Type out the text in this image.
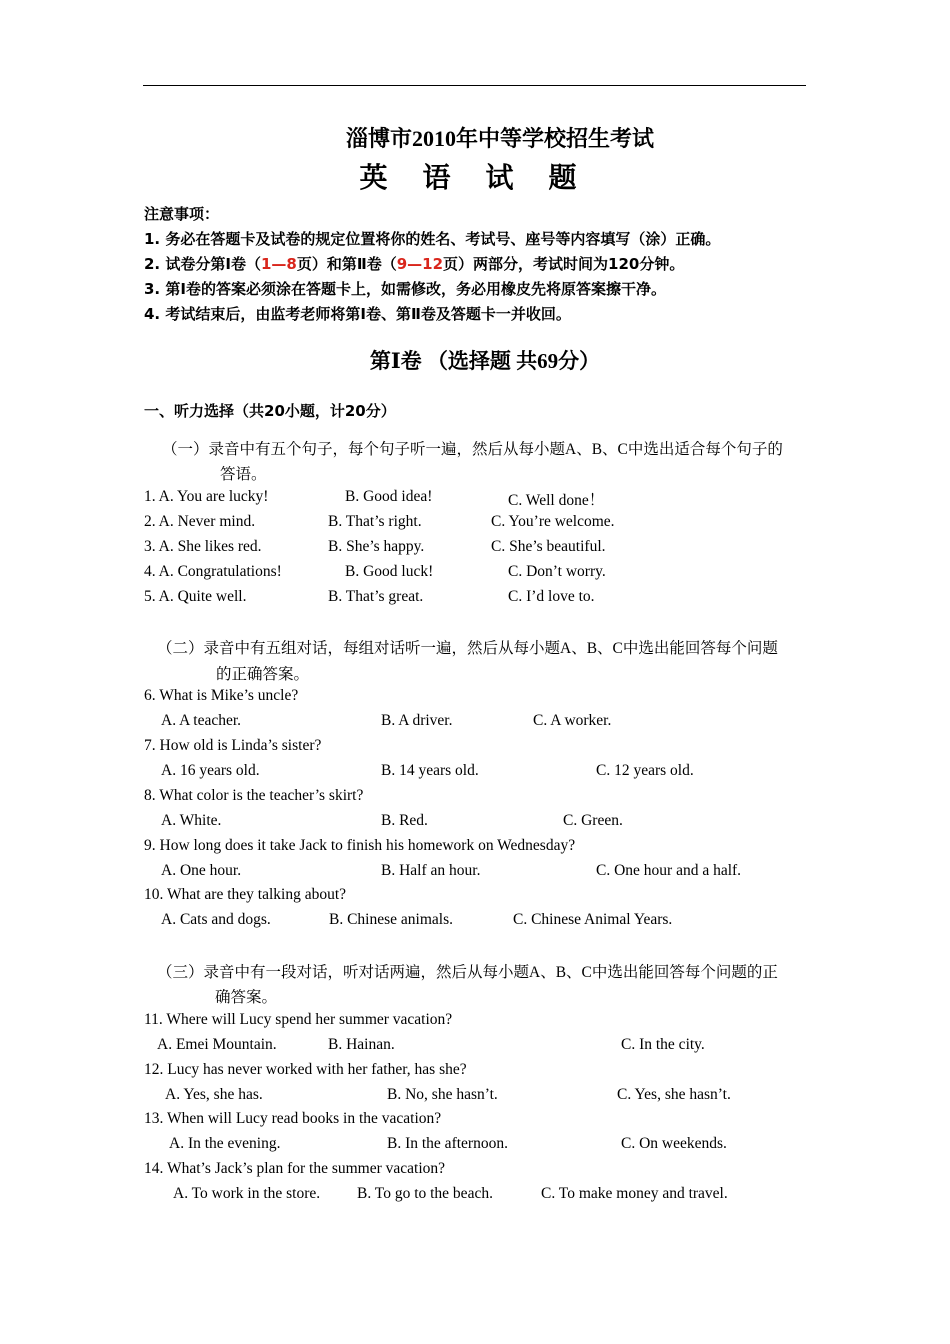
淄博市2010年中等学校招生考试
英 语 试 题
注意事项：
1. 务必在答题卡及试卷的规定位置将你的姓名、考试号、座号等内容填写（涂）正确。
2. 试卷分第Ⅰ卷（1—8页）和第Ⅱ卷（9—12页）两部分，考试时间为120分钟。
3. 第Ⅰ卷的答案必须涂在答题卡上，如需修改，务必用橡皮先将原答案擦干净。
4. 考试结束后，由监考老师将第Ⅰ卷、第Ⅱ卷及答题卡一并收回。
第Ⅰ卷 （选择题 共69分）
一、听力选择（共20小题，计20分）
（一）录音中有五个句子，每个句子听一遍，然后从每小题A、B、C中选出适合每个句子的
答语。
1. A. You are lucky!	B. Good idea!	C. Well done！
2. A. Never mind.	B. That’s right.	C. You’re welcome.
3. A. She likes red.	B. She’s happy.	C. She’s beautiful.
4. A. Congratulations!	B. Good luck!	C. Don’t worry.
5. A. Quite well.	B. That’s great.	C. I’d love to.
（二）录音中有五组对话，每组对话听一遍，然后从每小题A、B、C中选出能回答每个问题
的正确答案。
6. What is Mike’s uncle?
A. A teacher.	B. A driver.	C. A worker.
7. How old is Linda’s sister?
A. 16 years old.	B. 14 years old.	C. 12 years old.
8. What color is the teacher’s skirt?
A. White.	B. Red.	C. Green.
9. How long does it take Jack to finish his homework on Wednesday?
A. One hour.	B. Half an hour.	C. One hour and a half.
10. What are they talking about?
A. Cats and dogs.	B. Chinese animals.	C. Chinese Animal Years.
（三）录音中有一段对话，听对话两遍，然后从每小题A、B、C中选出能回答每个问题的正
确答案。
11. Where will Lucy spend her summer vacation?
A. Emei Mountain.	B. Hainan.	C. In the city.
12. Lucy has never worked with her father, has she?
A. Yes, she has.	B. No, she hasn’t.	C. Yes, she hasn’t.
13. When will Lucy read books in the vacation?
A. In the evening.	B. In the afternoon.	C. On weekends.
14. What’s Jack’s plan for the summer vacation?
A. To work in the store. B. To go to the beach.	C. To make money and travel.
